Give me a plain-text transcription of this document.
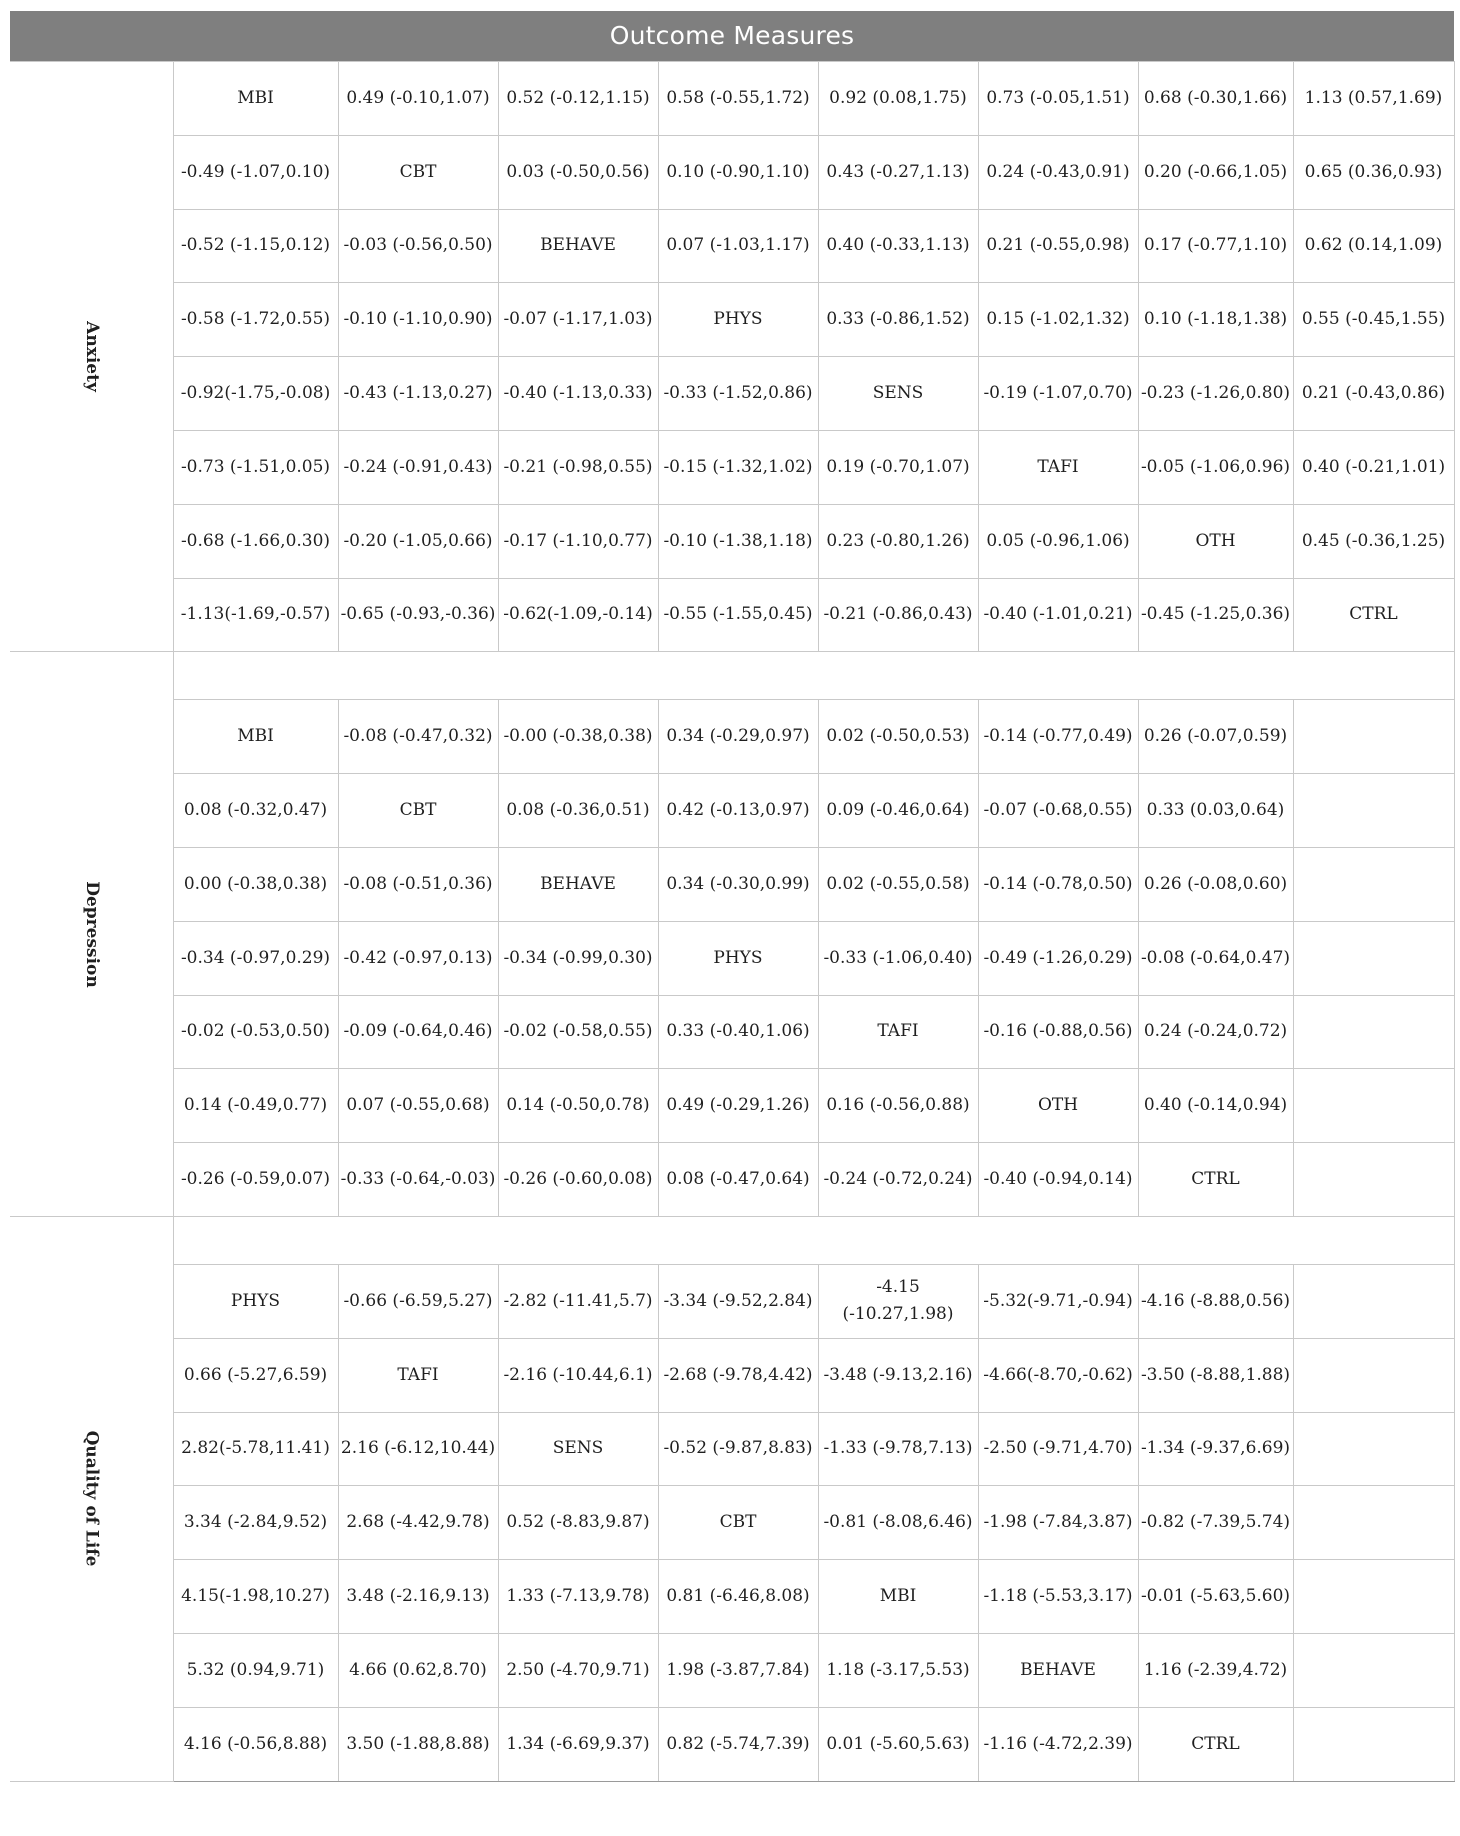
Outcome Measures
Anxiety	MBI	0.49 (-0.10,1.07)	0.52 (-0.12,1.15)	0.58 (-0.55,1.72)	0.92 (0.08,1.75)	0.73 (-0.05,1.51)	0.68 (-0.30,1.66)	1.13 (0.57,1.69)
	-0.49 (-1.07,0.10)	CBT	0.03 (-0.50,0.56)	0.10 (-0.90,1.10)	0.43 (-0.27,1.13)	0.24 (-0.43,0.91)	0.20 (-0.66,1.05)	0.65 (0.36,0.93)
	-0.52 (-1.15,0.12)	-0.03 (-0.56,0.50)	BEHAVE	0.07 (-1.03,1.17)	0.40 (-0.33,1.13)	0.21 (-0.55,0.98)	0.17 (-0.77,1.10)	0.62 (0.14,1.09)
	-0.58 (-1.72,0.55)	-0.10 (-1.10,0.90)	-0.07 (-1.17,1.03)	PHYS	0.33 (-0.86,1.52)	0.15 (-1.02,1.32)	0.10 (-1.18,1.38)	0.55 (-0.45,1.55)
	-0.92(-1.75,-0.08)	-0.43 (-1.13,0.27)	-0.40 (-1.13,0.33)	-0.33 (-1.52,0.86)	SENS	-0.19 (-1.07,0.70)	-0.23 (-1.26,0.80)	0.21 (-0.43,0.86)
	-0.73 (-1.51,0.05)	-0.24 (-0.91,0.43)	-0.21 (-0.98,0.55)	-0.15 (-1.32,1.02)	0.19 (-0.70,1.07)	TAFI	-0.05 (-1.06,0.96)	0.40 (-0.21,1.01)
	-0.68 (-1.66,0.30)	-0.20 (-1.05,0.66)	-0.17 (-1.10,0.77)	-0.10 (-1.38,1.18)	0.23 (-0.80,1.26)	0.05 (-0.96,1.06)	OTH	0.45 (-0.36,1.25)
	-1.13(-1.69,-0.57)	-0.65 (-0.93,-0.36)	-0.62(-1.09,-0.14)	-0.55 (-1.55,0.45)	-0.21 (-0.86,0.43)	-0.40 (-1.01,0.21)	-0.45 (-1.25,0.36)	CTRL
Depression								
	MBI	-0.08 (-0.47,0.32)	-0.00 (-0.38,0.38)	0.34 (-0.29,0.97)	0.02 (-0.50,0.53)	-0.14 (-0.77,0.49)	0.26 (-0.07,0.59)	
	0.08 (-0.32,0.47)	CBT	0.08 (-0.36,0.51)	0.42 (-0.13,0.97)	0.09 (-0.46,0.64)	-0.07 (-0.68,0.55)	0.33 (0.03,0.64)	
	0.00 (-0.38,0.38)	-0.08 (-0.51,0.36)	BEHAVE	0.34 (-0.30,0.99)	0.02 (-0.55,0.58)	-0.14 (-0.78,0.50)	0.26 (-0.08,0.60)	
	-0.34 (-0.97,0.29)	-0.42 (-0.97,0.13)	-0.34 (-0.99,0.30)	PHYS	-0.33 (-1.06,0.40)	-0.49 (-1.26,0.29)	-0.08 (-0.64,0.47)	
	-0.02 (-0.53,0.50)	-0.09 (-0.64,0.46)	-0.02 (-0.58,0.55)	0.33 (-0.40,1.06)	TAFI	-0.16 (-0.88,0.56)	0.24 (-0.24,0.72)	
	0.14 (-0.49,0.77)	0.07 (-0.55,0.68)	0.14 (-0.50,0.78)	0.49 (-0.29,1.26)	0.16 (-0.56,0.88)	OTH	0.40 (-0.14,0.94)	
	-0.26 (-0.59,0.07)	-0.33 (-0.64,-0.03)	-0.26 (-0.60,0.08)	0.08 (-0.47,0.64)	-0.24 (-0.72,0.24)	-0.40 (-0.94,0.14)	CTRL	
Quality of Life								
	PHYS	-0.66 (-6.59,5.27)	-2.82 (-11.41,5.7)	-3.34 (-9.52,2.84)	-4.15 (-10.27,1.98)	-5.32(-9.71,-0.94)	-4.16 (-8.88,0.56)	
	0.66 (-5.27,6.59)	TAFI	-2.16 (-10.44,6.1)	-2.68 (-9.78,4.42)	-3.48 (-9.13,2.16)	-4.66(-8.70,-0.62)	-3.50 (-8.88,1.88)	
	2.82(-5.78,11.41)	2.16 (-6.12,10.44)	SENS	-0.52 (-9.87,8.83)	-1.33 (-9.78,7.13)	-2.50 (-9.71,4.70)	-1.34 (-9.37,6.69)	
	3.34 (-2.84,9.52)	2.68 (-4.42,9.78)	0.52 (-8.83,9.87)	CBT	-0.81 (-8.08,6.46)	-1.98 (-7.84,3.87)	-0.82 (-7.39,5.74)	
	4.15(-1.98,10.27)	3.48 (-2.16,9.13)	1.33 (-7.13,9.78)	0.81 (-6.46,8.08)	MBI	-1.18 (-5.53,3.17)	-0.01 (-5.63,5.60)	
	5.32 (0.94,9.71)	4.66 (0.62,8.70)	2.50 (-4.70,9.71)	1.98 (-3.87,7.84)	1.18 (-3.17,5.53)	BEHAVE	1.16 (-2.39,4.72)	
	4.16 (-0.56,8.88)	3.50 (-1.88,8.88)	1.34 (-6.69,9.37)	0.82 (-5.74,7.39)	0.01 (-5.60,5.63)	-1.16 (-4.72,2.39)	CTRL	
